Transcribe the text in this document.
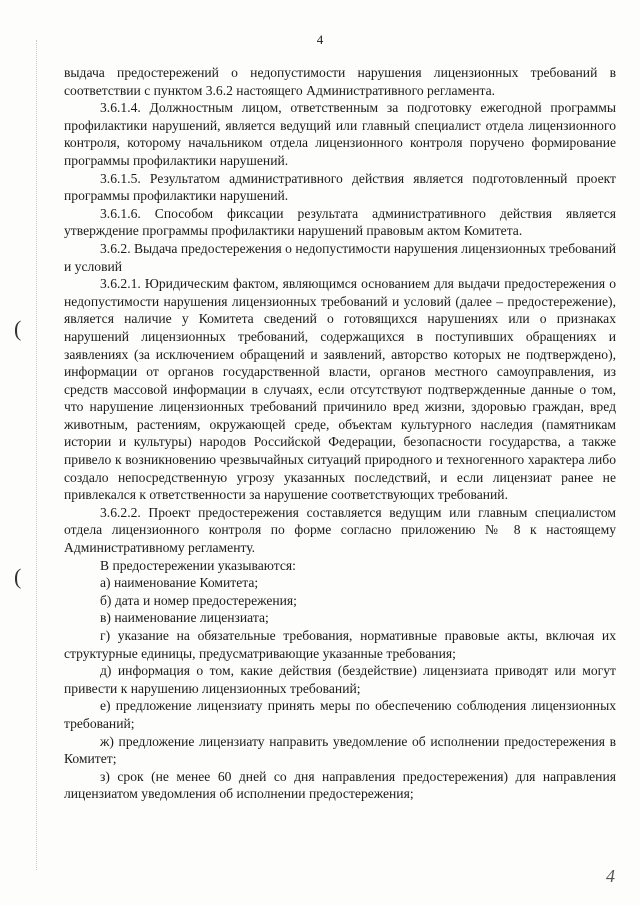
4
(
(

выдача предостережений о недопустимости нарушения лицензионных требований в соответствии с пунктом 3.6.2 настоящего Административного регламента.

3.6.1.4. Должностным лицом, ответственным за подготовку ежегодной программы профилактики нарушений, является ведущий или главный специалист отдела лицензионного контроля, которому начальником отдела лицензионного контроля поручено формирование программы профилактики нарушений.

3.6.1.5. Результатом административного действия является подготовленный проект программы профилактики нарушений.

3.6.1.6. Способом фиксации результата административного действия является утверждение программы профилактики нарушений правовым актом Комитета.

3.6.2. Выдача предостережения о недопустимости нарушения лицензионных требований и условий

3.6.2.1. Юридическим фактом, являющимся основанием для выдачи предостережения о недопустимости нарушения лицензионных требований и условий (далее – предостережение), является наличие у Комитета сведений о готовящихся нарушениях или о признаках нарушений лицензионных требований, содержащихся в поступивших обращениях и заявлениях (за исключением обращений и заявлений, авторство которых не подтверждено), информации от органов государственной власти, органов местного самоуправления, из средств массовой информации в случаях, если отсутствуют подтвержденные данные о том, что нарушение лицензионных требований причинило вред жизни, здоровью граждан, вред животным, растениям, окружающей среде, объектам культурного наследия (памятникам истории и культуры) народов Российской Федерации, безопасности государства, а также привело к возникновению чрезвычайных ситуаций природного и техногенного характера либо создало непосредственную угрозу указанных последствий, и если лицензиат ранее не привлекался к ответственности за нарушение соответствующих требований.

3.6.2.2. Проект предостережения составляется ведущим или главным специалистом отдела лицензионного контроля по форме согласно приложению № 8 к настоящему Административному регламенту.

В предостережении указываются:

а) наименование Комитета;

б) дата и номер предостережения;

в) наименование лицензиата;

г) указание на обязательные требования, нормативные правовые акты, включая их структурные единицы, предусматривающие указанные требования;

д) информация о том, какие действия (бездействие) лицензиата приводят или могут привести к нарушению лицензионных требований;

е) предложение лицензиату принять меры по обеспечению соблюдения лицензионных требований;

ж) предложение лицензиату направить уведомление об исполнении предостережения в Комитет;

з) срок (не менее 60 дней со дня направления предостережения) для направления лицензиатом уведомления об исполнении предостережения;

4
